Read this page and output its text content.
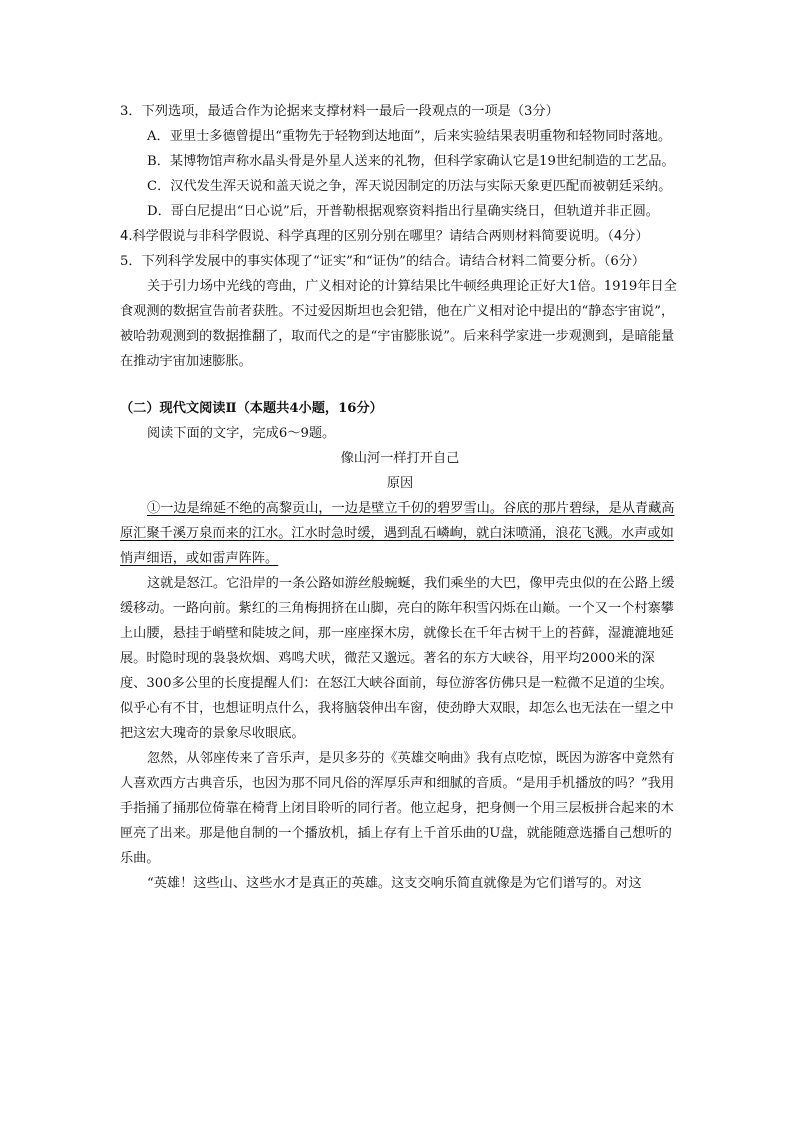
3．下列选项，最适合作为论据来支撑材料一最后一段观点的一项是（3分）

A．亚里士多德曾提出“重物先于轻物到达地面”，后来实验结果表明重物和轻物同时落地。

B．某博物馆声称水晶头骨是外星人送来的礼物，但科学家确认它是19世纪制造的工艺品。

C．汉代发生浑天说和盖天说之争，浑天说因制定的历法与实际天象更匹配而被朝廷采纳。

D．哥白尼提出“日心说”后，开普勒根据观察资料指出行星确实绕日，但轨道并非正圆。

4.科学假说与非科学假说、科学真理的区别分别在哪里？请结合两则材料简要说明。（4分）

5．下列科学发展中的事实体现了“证实”和“证伪”的结合。请结合材料二简要分析。（6分）

关于引力场中光线的弯曲，广义相对论的计算结果比牛顿经典理论正好大1倍。1919年日全食观测的数据宣告前者获胜。不过爱因斯坦也会犯错，他在广义相对论中提出的“静态宇宙说”，被哈勃观测到的数据推翻了，取而代之的是“宇宙膨胀说”。后来科学家进一步观测到，是暗能量在推动宇宙加速膨胀。

（二）现代文阅读Ⅱ（本题共4小题，16分）

阅读下面的文字，完成6～9题。

像山河一样打开自己

原因

①一边是绵延不绝的高黎贡山，一边是壁立千仞的碧罗雪山。谷底的那片碧绿，是从青藏高原汇聚千溪万泉而来的江水。江水时急时缓，遇到乱石嶙峋，就白沫喷涌，浪花飞溅。水声或如悄声细语，或如雷声阵阵。

这就是怒江。它沿岸的一条公路如游丝般蜿蜒，我们乘坐的大巴，像甲壳虫似的在公路上缓缓移动。一路向前。紫红的三角梅拥挤在山脚，亮白的陈年积雪闪烁在山巅。一个又一个村寨攀上山腰，悬挂于峭壁和陡坡之间，那一座座探木房，就像长在千年古树干上的苔藓，湿漉漉地延展。时隐时现的袅袅炊烟、鸡鸣犬吠，微茫又邈远。著名的东方大峡谷，用平均2000米的深度、300多公里的长度提醒人们：在怒江大峡谷面前，每位游客仿佛只是一粒微不足道的尘埃。似乎心有不甘，也想证明点什么，我将脑袋伸出车窗，使劲睁大双眼，却怎么也无法在一望之中把这宏大瑰奇的景象尽收眼底。

忽然，从邻座传来了音乐声，是贝多芬的《英雄交响曲》我有点吃惊，既因为游客中竟然有人喜欢西方古典音乐，也因为那不同凡俗的浑厚乐声和细腻的音质。“是用手机播放的吗？”我用手指捅了捅那位倚靠在椅背上闭目聆听的同行者。他立起身，把身侧一个用三层板拼合起来的木匣亮了出来。那是他自制的一个播放机，插上存有上千首乐曲的U盘，就能随意选播自己想听的乐曲。

“英雄！这些山、这些水才是真正的英雄。这支交响乐简直就像是为它们谱写的。对这
